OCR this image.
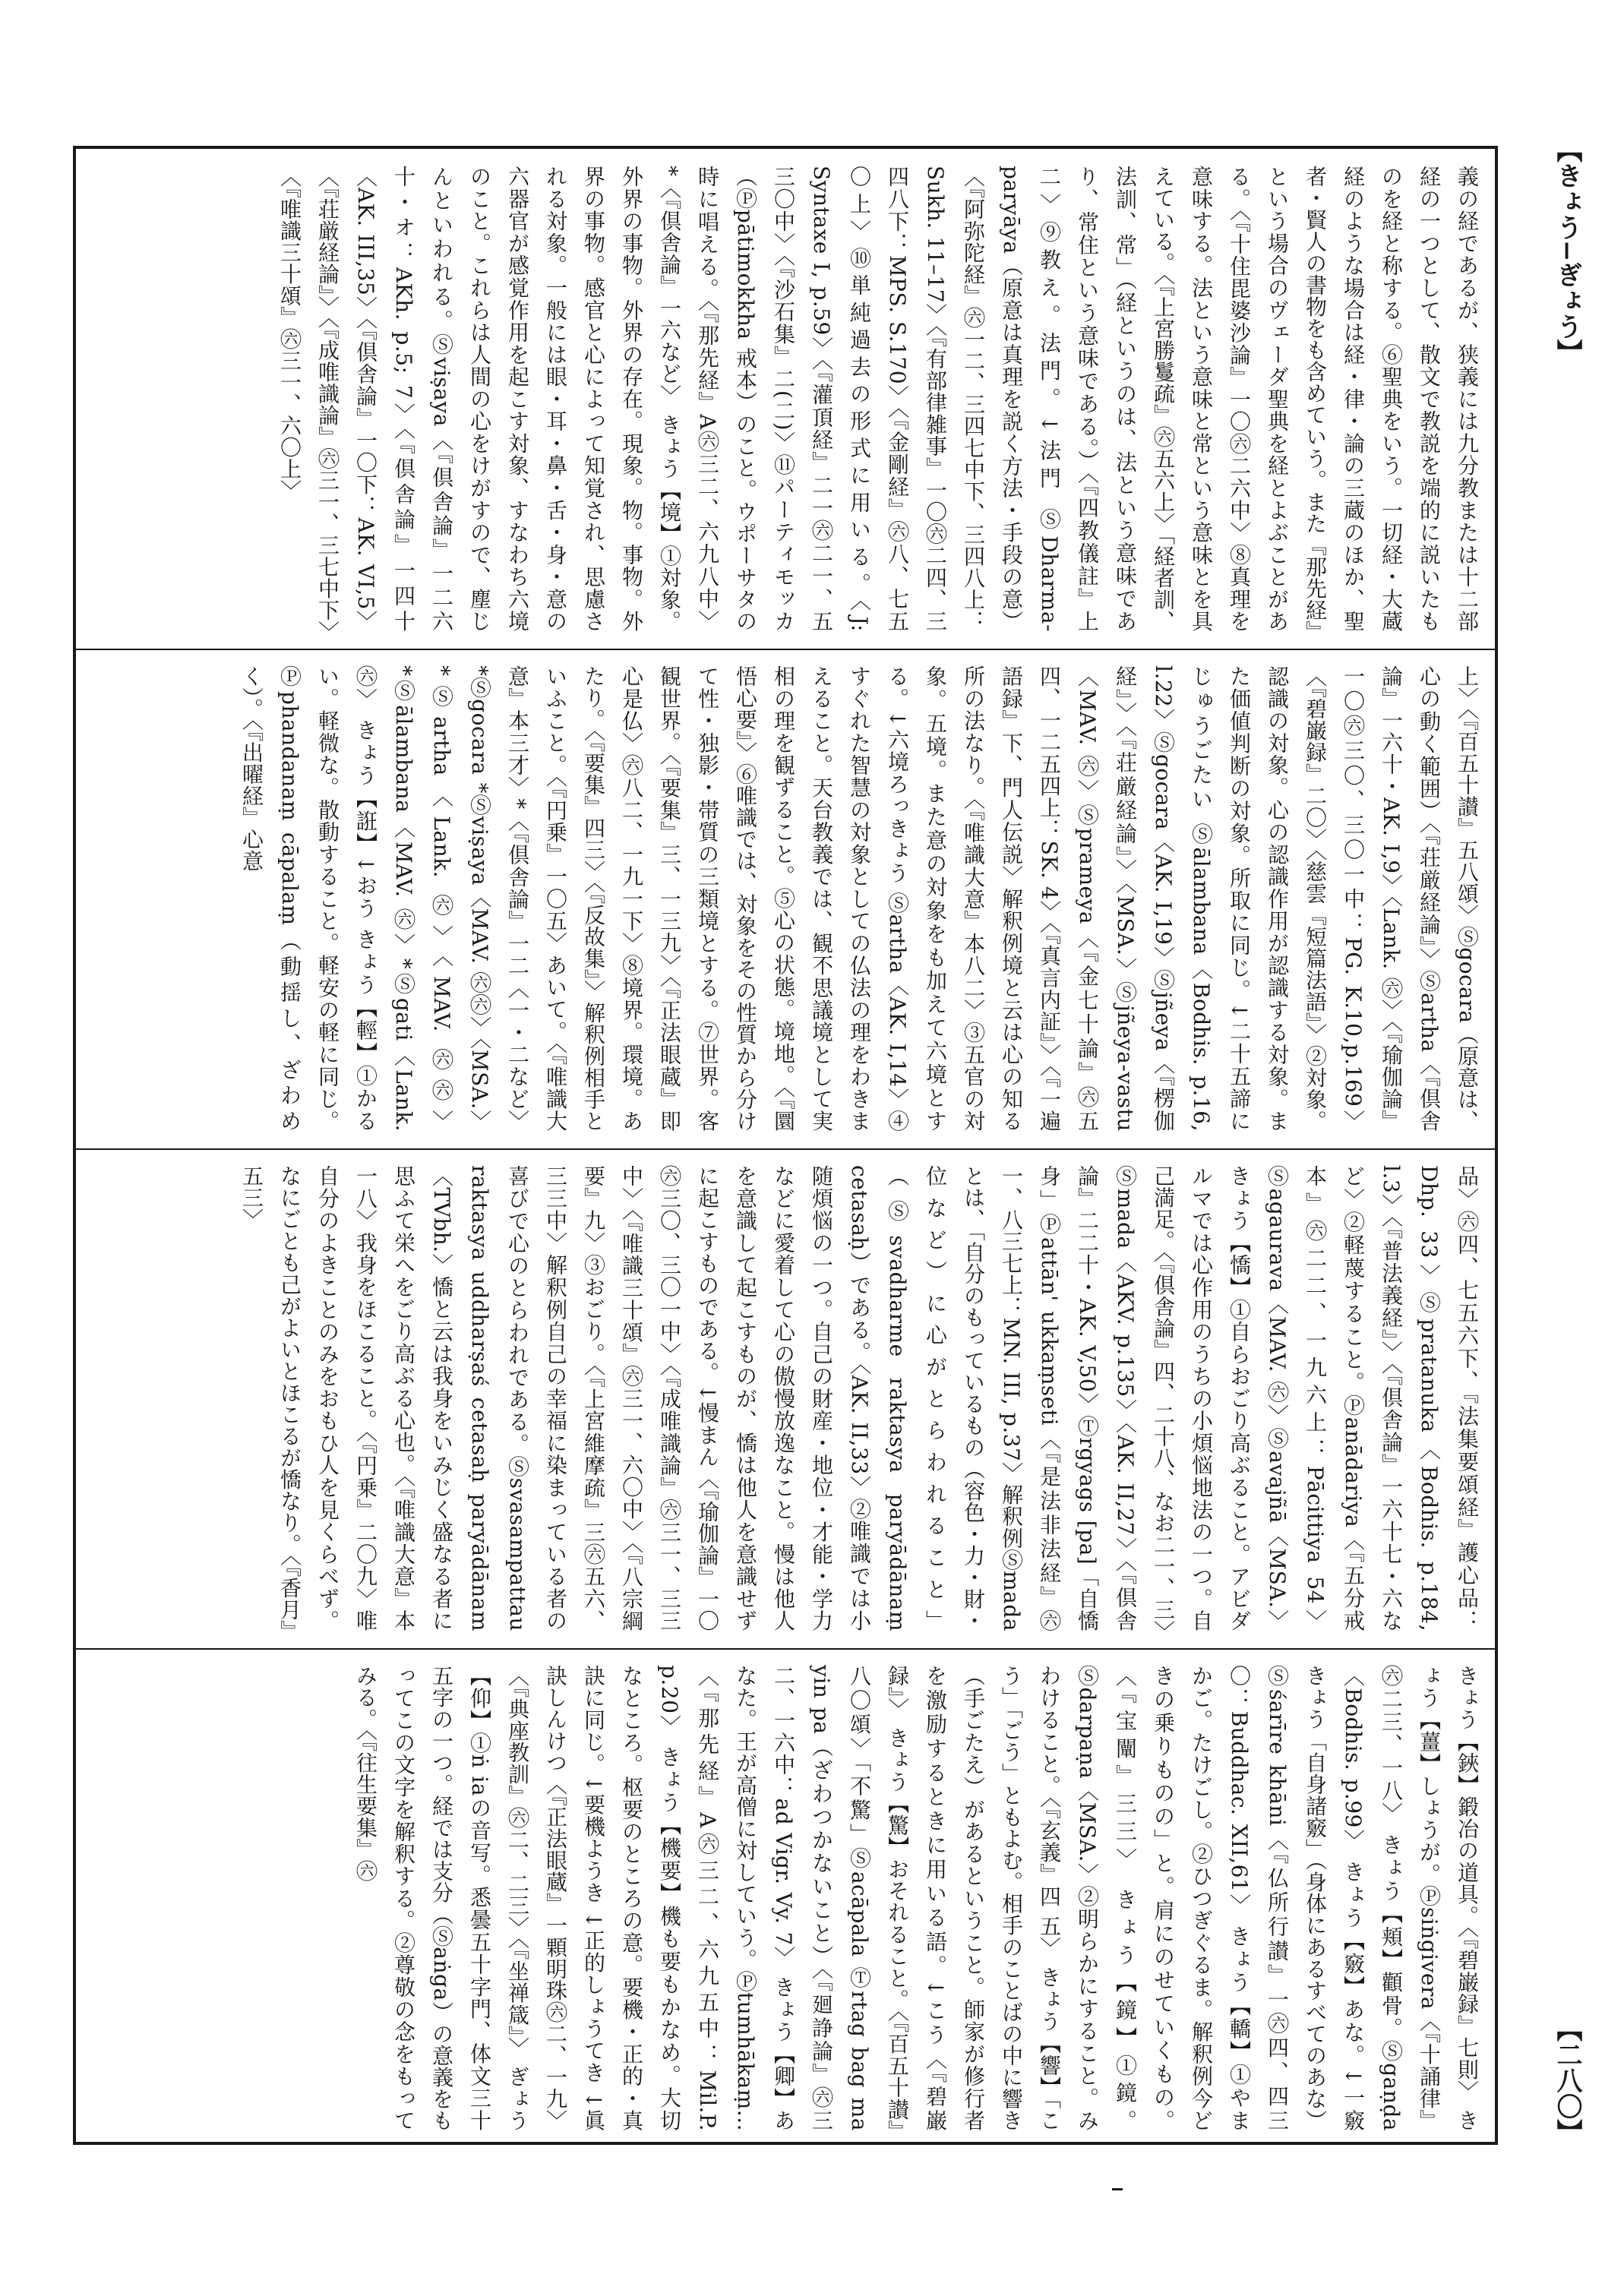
【きょう−ぎょう】
【二八〇】
義の経であるが、狭義には九分教または十二部経の一つとして、散文で教説を端的に説いたものを経と称する。⑥聖典をいう。一切経・大蔵経のような場合は経・律・論の三蔵のほか、聖者・賢人の書物をも含めていう。また『那先経』という場合のヴェーダ聖典を経とよぶことがある。〈『十住毘婆沙論』一〇㊅二六中〉⑧真理を意味する。法という意味と常という意味とを具えている。〈『上宮勝鬘疏』㊅五六上〉「経者訓、法訓、常」（経というのは、法という意味であり、常住という意味である。）〈『四教儀註』上二〉⑨教え。法門。↓法門 ⓈDharma-paryāya（原意は真理を説く方法・手段の意）〈『阿弥陀経』㊅一二、三四七中下、三四八上：Sukh. 11–17〉〈『有部律雑事』一〇㊅二四、三四八下：MPS. S.170〉〈『金剛経』㊅八、七五〇上〉⑩単純過去の形式に用いる。〈J: Syntaxe I, p.59〉〈『灌頂経』二一㊅二一、五三〇中〉〈『沙石集』二(二)〉⑪パーティモッカ（Ⓟpātimokkha 戒本）のこと。ウポーサタの時に唱える。〈『那先経』A㊅三二、六九八中〉 *〈『倶舎論』一六など〉 きょう【境】①対象。外界の事物。外界の存在。現象。物。事物。外界の事物。感官と心によって知覚され、思慮される対象。一般には眼・耳・鼻・舌・身・意の六器官が感覚作用を起こす対象、すなわち六境のこと。これらは人間の心をけがすので、塵じんといわれる。Ⓢviṣaya〈『倶舎論』一二六十・オ：AKh. p.5; 7〉〈『倶舎論』一四十〈AK. III,35〉〈『倶舎論』一〇下：AK. VI,5〉〈『荘厳経論』〉〈『成唯識論』㊅三一、三七中下〉〈『唯識三十頌』㊅三一、六〇上〉
上〉〈『百五十讃』五八頌〉Ⓢgocara（原意は、心の動く範囲）〈『荘厳経論』〉Ⓢartha〈『倶舎論』一六十・AK. I,9〉〈Lank. ㊅〉〈『瑜伽論』一〇㊅三〇、三〇一中：PG. K.10,p.169〉〈『碧巌録』二〇〉〈慈雲『短篇法語』〉②対象。認識の対象。心の認識作用が認識する対象。また価値判断の対象。所取に同じ。↓二十五諦にじゅうごたい Ⓢālambana〈Bodhis. p.16, l.22〉Ⓢgocara〈AK. I,19〉Ⓢjñeya〈『楞伽経』〉〈『荘厳経論』〉〈MSA.〉Ⓢjñeya-vastu〈MAV. ㊅〉Ⓢprameya〈『金七十論』㊅五四、一二五四上：SK. 4〉〈『真言内証』〉〈『一遍語録』下、門人伝説〉解釈例境と云は心の知る所の法なり。〈『唯識大意』本八二〉③五官の対象。五境。また意の対象をも加えて六境とする。↓六境ろっきょう Ⓢartha〈AK. I,14〉④すぐれた智慧の対象としての仏法の理をわきまえること。天台教義では、観不思議境として実相の理を観ずること。⑤心の状態。境地。〈『圜悟心要』〉⑥唯識では、対象をその性質から分けて性・独影・帯質の三類境とする。⑦世界。客観世界。〈『要集』三、一三九〉〈『正法眼蔵』即心是仏〉㊅八二、一九一下〉⑧境界。環境。あたり。〈『要集』四三〉〈『反故集』〉解釈例相手といふこと。〈『円乗』一〇五〉あいて。〈『唯識大意』本三才〉*〈『倶舎論』一二〈一・二など〉*Ⓢgocara *Ⓢviṣaya〈MAV. ㊅㊅〉〈MSA.〉*Ⓢartha〈Lank. ㊅〉〈MAV. ㊅㊅〉*Ⓢālambana〈MAV. ㊅〉*Ⓢgati〈Lank. ㊅〉 きょう【誑】↓おう きょう【輕】①かるい。軽微な。散動すること。軽安の軽に同じ。Ⓟphandanaṃ cāpalaṃ（動揺し、ざわめく）。〈『出曜経』心意
品〉㊅四、七五六下、『法集要頌経』護心品：Dhp. 33〉Ⓢpratanuka〈Bodhis. p.184, l.3〉〈『普法義経』〉〈『倶舎論』一六十七・六など〉②軽蔑すること。Ⓟanādariya〈『五分戒本』㊅二二、一九六上：Pācittiya 54〉Ⓢagaurava〈MAV. ㊅〉Ⓢavajñā〈MSA.〉 きょう【憍】①自らおごり高ぶること。アビダルマでは心作用のうちの小煩悩地法の一つ。自己満足。〈『倶舎論』四、二十八、なお二一、三〉Ⓢmada〈AKV. p.135〉〈AK. II,27〉〈『倶舎論』二二十・AK. V,50〉Ⓣrgyags [pa]「自憍身」Ⓟattān' ukkaṃseti〈『是法非法経』㊅一、八三七上：MN. III, p.37〉解釈例Ⓢmadaとは、「自分のもっているもの（容色・力・財・位など）に心がとらわれること」（Ⓢsvadharme raktasya paryādānaṃ cetasaḥ）である。〈AK. II,33〉②唯識では小随煩悩の一つ。自己の財産・地位・才能・学力などに愛着して心の傲慢放逸なこと。慢は他人を意識して起こすものが、憍は他人を意識せずに起こすものである。↓慢まん〈『瑜伽論』一〇㊅三〇、三〇一中〉〈『成唯識論』㊅三一、三三中〉〈『唯識三十頌』㊅三一、六〇中〉〈『八宗綱要』九〉③おごり。〈『上宮維摩疏』三㊅五六、三三中〉解釈例自己の幸福に染まっている者の喜びで心のとらわれである。Ⓢsvasampattau raktasya uddharṣaś cetasaḥ paryādānam〈TVbh.〉憍と云は我身をいみじく盛なる者に思ふて栄へをごり高ぶる心也。〈『唯識大意』本一八〉我身をほこること。〈『円乗』二〇九〉唯自分のよきことのみをおもひ人を見くらべず。なにごとも己がよいとほこるが憍なり。〈『香月』五三〉
きょう【鋏】鍛冶の道具。〈『碧巌録』七則〉 きょう【薑】しょうが。Ⓟsiṅgivera〈『十誦律』㊅二三、一八〉 きょう【頬】顴骨。Ⓢgaṇḍa〈Bodhis. p.99〉 きょう【竅】あな。↓一竅きょう「自身諸竅」（身体にあるすべてのあな）Ⓢśarīre khāni〈『仏所行讃』一㊅四、四三〇：Buddhac. XII,61〉 きょう【轎】①やまかご。たけごし。②ひつぎぐるま。解釈例今どきの乗りものの」と。肩にのせていくもの。〈『宝闡』三三〉 きょう【鏡】①鏡。Ⓢdarpaṇa〈MSA.〉②明らかにすること。みわけること。〈『玄義』四 五〉 きょう【響】「こう」「ごう」ともよむ。相手のことばの中に響き（手ごたえ）があるということ。師家が修行者を激励するときに用いる語。↓こう〈『碧巌録』〉 きょう【驚】おそれること。〈『百五十讃』八〇頌〉「不驚」Ⓢacāpala Ⓣrtag bag ma yin pa（ざわつかないこと）〈『廻諍論』㊅三二、一六中：ad Vigr. Vy. 7〉 きょう【卿】あなた。王が高僧に対していう。Ⓟtumhākaṃ...〈『那先経』A㊅三二、六九五中：Mil.P. p.20〉 きょう【機要】機も要もかなめ。大切なところ。枢要のところの意。要機・正的・真訣に同じ。↓要機ようき ↓正的しょうてき ↓眞訣しんけつ〈『正法眼蔵』一顆明珠㊅二、一九〉〈『典座教訓』㊅二、二三〉〈『坐禅箴』〉 ぎょう【仰】①ṅ iaの音写。悉曇五十字門、体文三十五字の一つ。経では支分（Ⓢaṅga）の意義をもってこの文字を解釈する。②尊敬の念をもってみる。〈『往生要集』㊅
